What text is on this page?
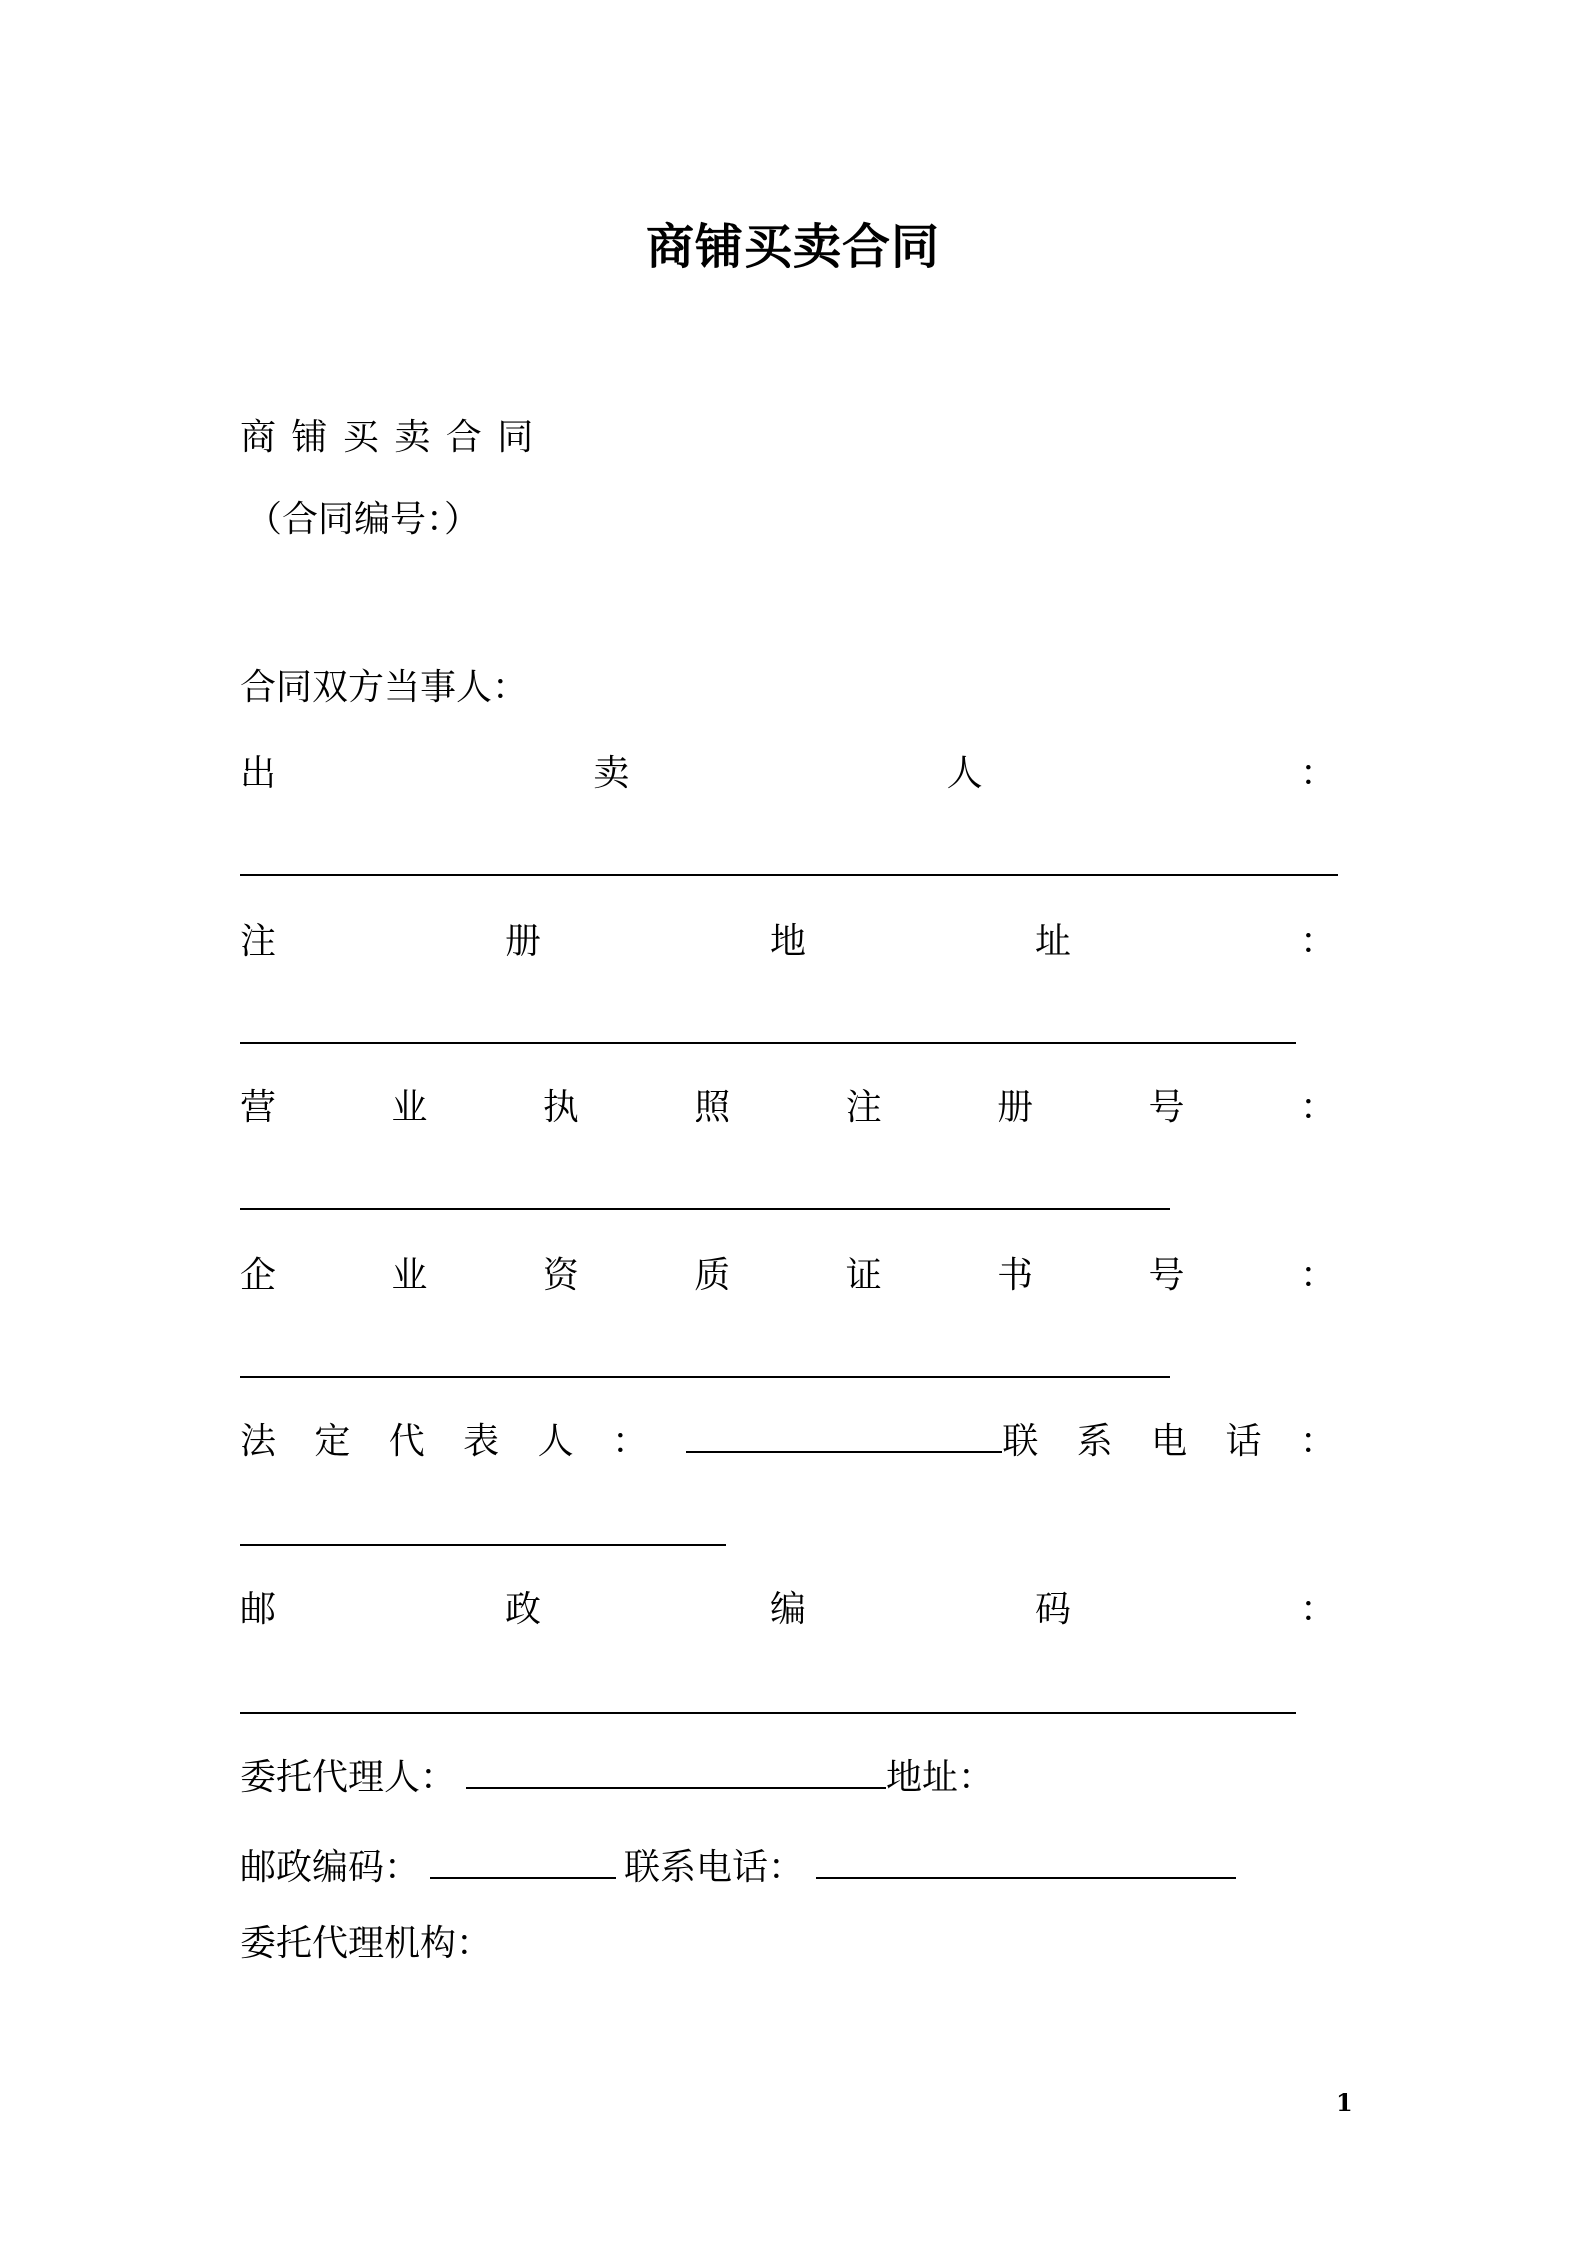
商铺买卖合同
商 铺 买 卖 合 同
（合同编号：）
合同双方当事人：
出	卖	人	：
注	册	地	址	：
营	业	执	照	注	册	号	：
企	业	资	质	证	书	号	：
法 定 代 表 人 ：	联 系 电 话 ：
邮	政	编	码	：
委托代理人：	地址：
邮政编码：	联系电话：
委托代理机构：
1
